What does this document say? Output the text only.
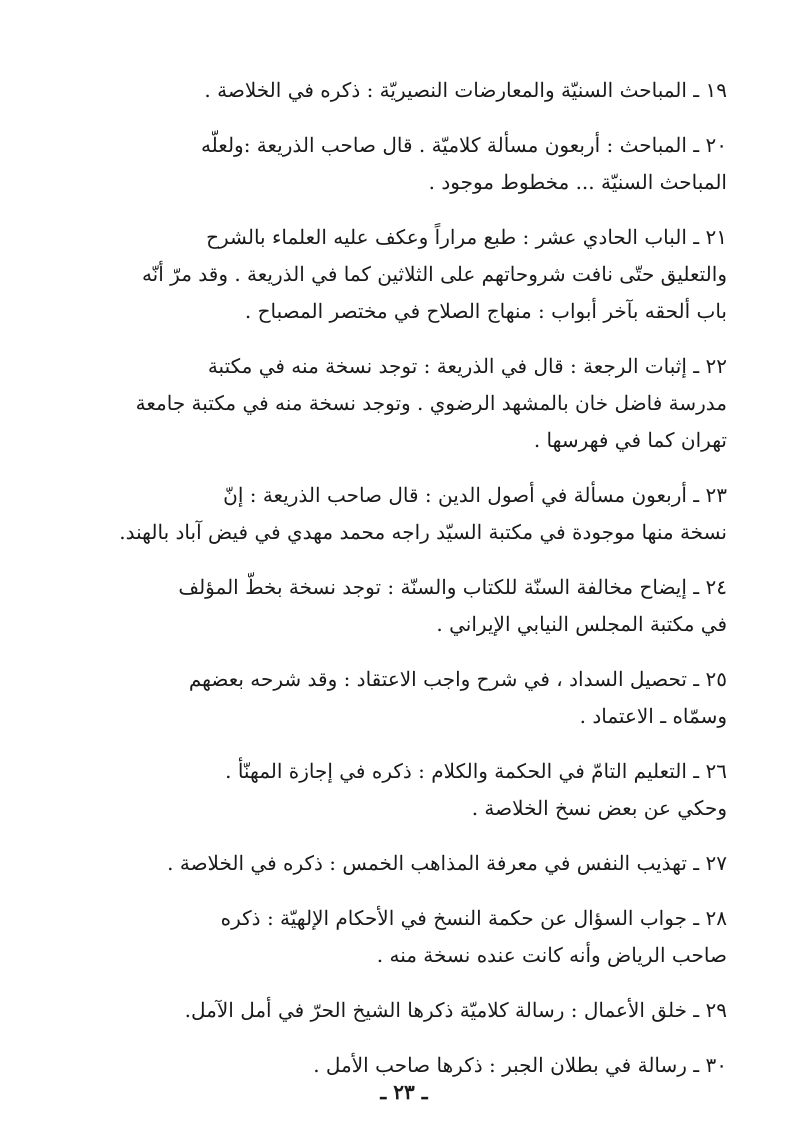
١٩ ـ المباحث السنيّة والمعارضات النصيريّة : ذكره في الخلاصة .
٢٠ ـ المباحث : أربعون مسألة كلاميّة . قال صاحب الذريعة :ولعلّه
المباحث السنيّة ... مخطوط موجود .
٢١ ـ الباب الحادي عشر : طبع مراراً وعكف عليه العلماء بالشرح
والتعليق حتّى نافت شروحاتهم على الثلاثين كما في الذريعة . وقد مرّ أنّه
باب ألحقه بآخر أبواب : منهاج الصلاح في مختصر المصباح .
٢٢ ـ إثبات الرجعة : قال في الذريعة : توجد نسخة منه في مكتبة
مدرسة فاضل خان بالمشهد الرضوي . وتوجد نسخة منه في مكتبة جامعة
تهران كما في فهرسها .
٢٣ ـ أربعون مسألة في أصول الدين : قال صاحب الذريعة : إنّ
نسخة منها موجودة في مكتبة السيّد راجه محمد مهدي في فيض آباد بالهند.
٢٤ ـ إيضاح مخالفة السنّة للكتاب والسنّة : توجد نسخة بخطّ المؤلف
في مكتبة المجلس النيابي الإيراني .
٢٥ ـ تحصيل السداد ، في شرح واجب الاعتقاد : وقد شرحه بعضهم
وسمّاه ـ الاعتماد .
٢٦ ـ التعليم التامّ في الحكمة والكلام : ذكره في إجازة المهنّأ .
وحكي عن بعض نسخ الخلاصة .
٢٧ ـ تهذيب النفس في معرفة المذاهب الخمس : ذكره في الخلاصة .
٢٨ ـ جواب السؤال عن حكمة النسخ في الأحكام الإلهيّة : ذكره
صاحب الرياض وأنه كانت عنده نسخة منه .
٢٩ ـ خلق الأعمال : رسالة كلاميّة ذكرها الشيخ الحرّ في أمل الآمل.
٣٠ ـ رسالة في بطلان الجبر : ذكرها صاحب الأمل .
ـ ٢٣ ـ
